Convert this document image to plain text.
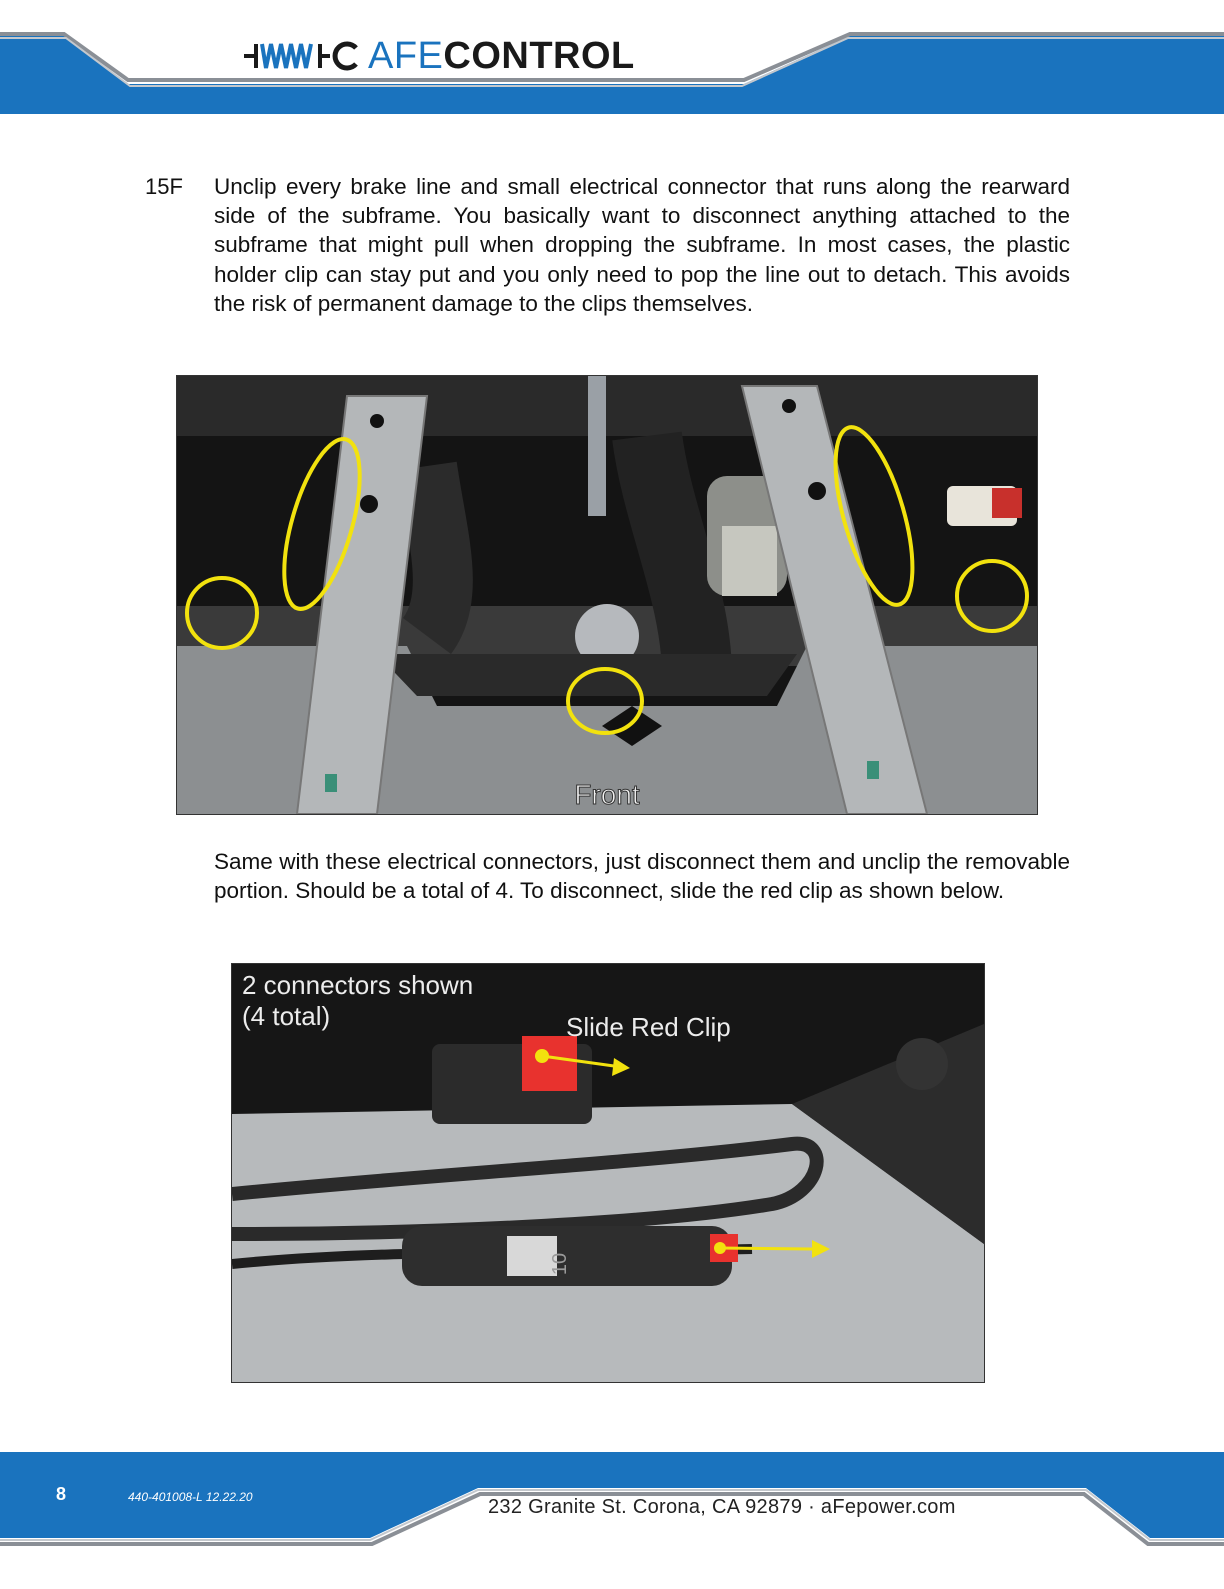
AFECONTROL
15F Unclip every brake line and small electrical connector that runs along the rearward side of the subframe. You basically want to disconnect anything attached to the subframe that might pull when dropping the subframe. In most cases, the plastic holder clip can stay put and you only need to pop the line out to detach. This avoids the risk of permanent damage to the clips themselves.
Front
Same with these electrical connectors, just disconnect them and unclip the removable portion. Should be a total of 4. To disconnect, slide the red clip as shown below.
10
2 connectors shown
(4 total)	Slide Red Clip
8	440-401008-L 12.22.20	232 Granite St. Corona, CA 92879 · aFepower.com
